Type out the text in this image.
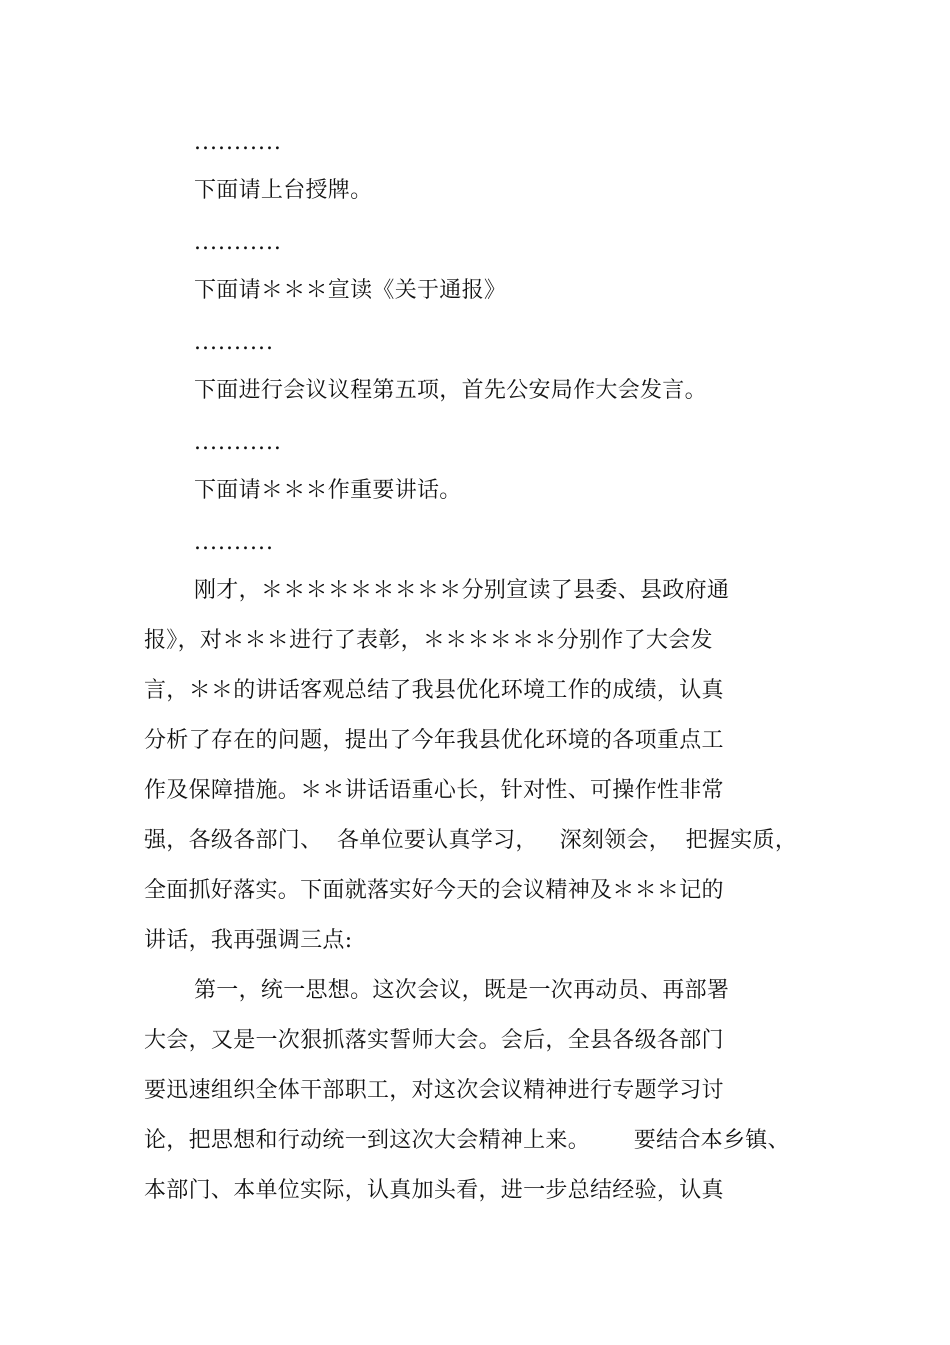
...........
下面请上台授牌。
...........
下面请＊＊＊宣读《关于通报》
..........
下面进行会议议程第五项，首先公安局作大会发言。
...........
下面请＊＊＊作重要讲话。
..........
刚才，＊＊＊＊＊＊＊＊＊分别宣读了县委、县政府通
报》，对＊＊＊进行了表彰，＊＊＊＊＊＊分别作了大会发
言，＊＊的讲话客观总结了我县优化环境工作的成绩，认真
分析了存在的问题，提出了今年我县优化环境的各项重点工
作及保障措施。＊＊讲话语重心长，针对性、可操作性非常
强，各级各部门、  各单位要认真学习，   深刻领会，  把握实质，
全面抓好落实。下面就落实好今天的会议精神及＊＊＊记的
讲话，我再强调三点:
第一，统一思想。这次会议，既是一次再动员、再部署
大会，又是一次狠抓落实誓师大会。会后，全县各级各部门
要迅速组织全体干部职工，对这次会议精神进行专题学习讨
论，把思想和行动统一到这次大会精神上来。      要结合本乡镇、
本部门、本单位实际，认真加头看，进一步总结经验，认真
